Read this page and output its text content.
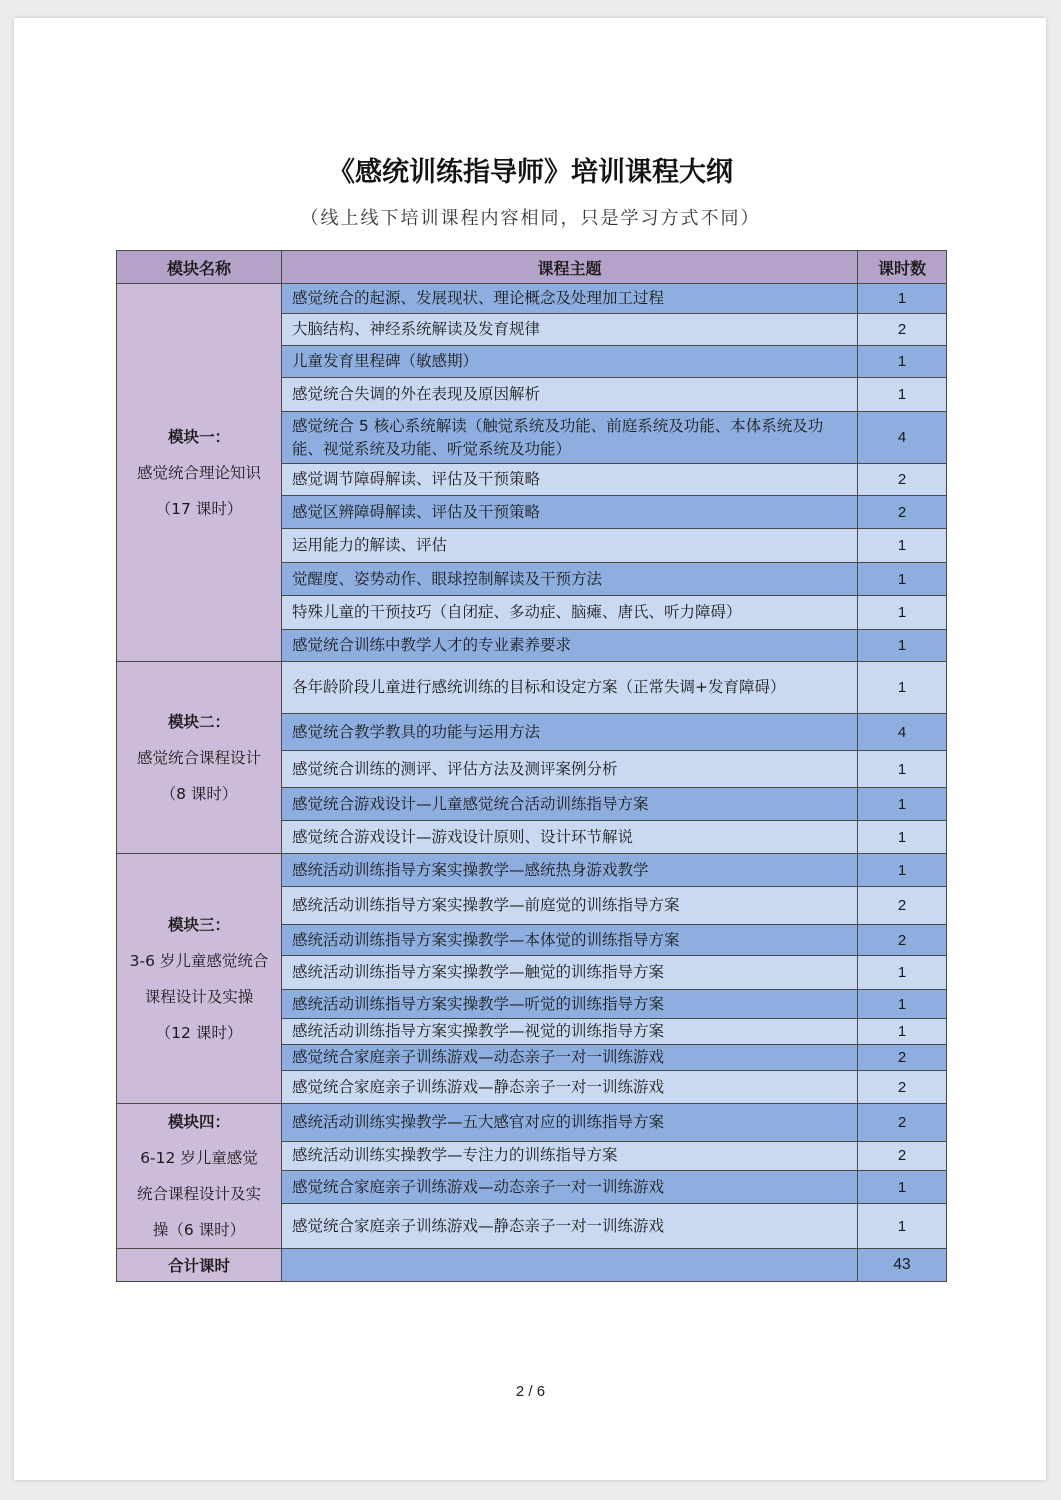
《感统训练指导师》培训课程大纲
（线上线下培训课程内容相同，只是学习方式不同）
模块名称	课程主题	课时数

模块一：
感觉统合理论知识
（17 课时）	感觉统合的起源、发展现状、理论概念及处理加工过程	1
	大脑结构、神经系统解读及发育规律	2
	儿童发育里程碑（敏感期）	1
	感觉统合失调的外在表现及原因解析	1
	感觉统合 5 核心系统解读（触觉系统及功能、前庭系统及功能、本体系统及功能、视觉系统及功能、听觉系统及功能）	4
	感觉调节障碍解读、评估及干预策略	2
	感觉区辨障碍解读、评估及干预策略	2
	运用能力的解读、评估	1
	觉醒度、姿势动作、眼球控制解读及干预方法	1
	特殊儿童的干预技巧（自闭症、多动症、脑瘫、唐氏、听力障碍）	1
	感觉统合训练中教学人才的专业素养要求	1

模块二：
感觉统合课程设计
（8 课时）	各年龄阶段儿童进行感统训练的目标和设定方案（正常失调+发育障碍）	1
	感觉统合教学教具的功能与运用方法	4
	感觉统合训练的测评、评估方法及测评案例分析	1
	感觉统合游戏设计—儿童感觉统合活动训练指导方案	1
	感觉统合游戏设计—游戏设计原则、设计环节解说	1

模块三：
3-6 岁儿童感觉统合课程设计及实操
（12 课时）	感统活动训练指导方案实操教学—感统热身游戏教学	1
	感统活动训练指导方案实操教学—前庭觉的训练指导方案	2
	感统活动训练指导方案实操教学—本体觉的训练指导方案	2
	感统活动训练指导方案实操教学—触觉的训练指导方案	1
	感统活动训练指导方案实操教学—听觉的训练指导方案	1
	感统活动训练指导方案实操教学—视觉的训练指导方案	1
	感觉统合家庭亲子训练游戏—动态亲子一对一训练游戏	2
	感觉统合家庭亲子训练游戏—静态亲子一对一训练游戏	2

模块四：
6-12 岁儿童感觉统合课程设计及实操（6 课时）	感统活动训练实操教学—五大感官对应的训练指导方案	2
	感统活动训练实操教学—专注力的训练指导方案	2
	感觉统合家庭亲子训练游戏—动态亲子一对一训练游戏	1
	感觉统合家庭亲子训练游戏—静态亲子一对一训练游戏	1
合计课时		43
2 / 6
